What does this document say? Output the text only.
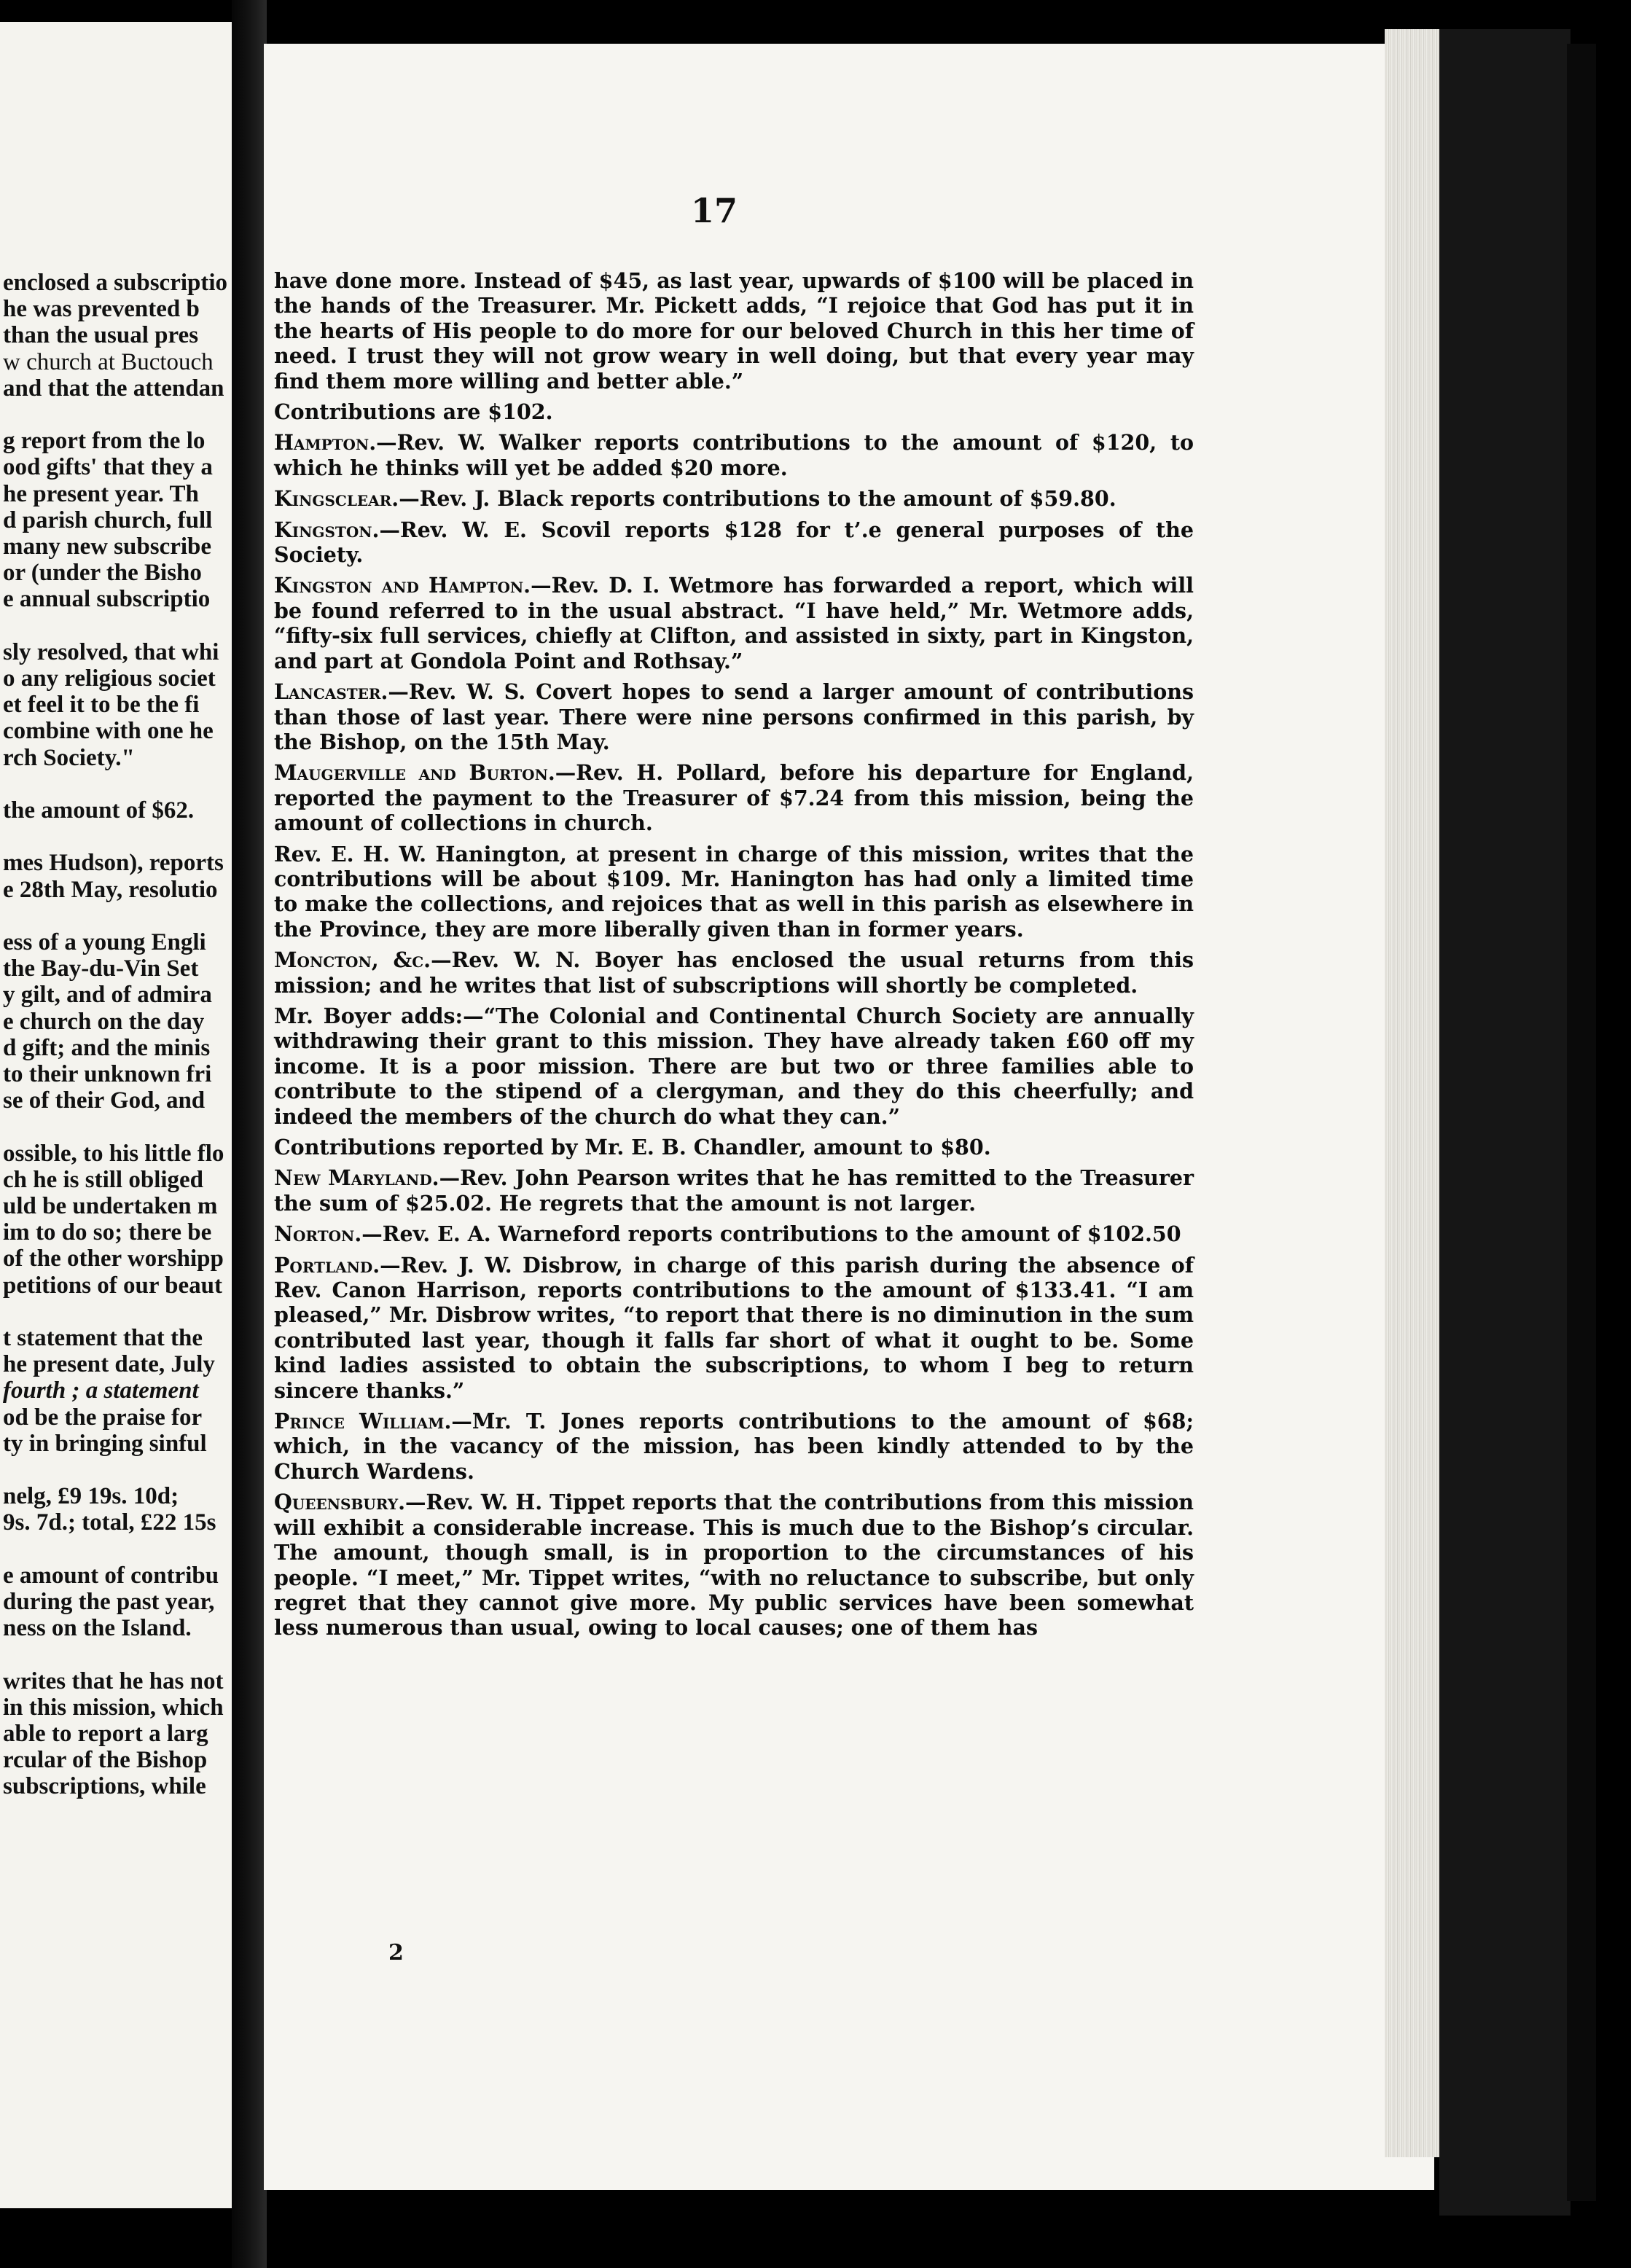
enclosed a subscriptio
he was prevented b
than the usual pres
w church at Buctouch
and that the attendan
g report from the lo
ood gifts' that they a
he present year. Th
d parish church, full
many new subscribe
or (under the Bisho
e annual subscriptio
sly resolved, that whi
o any religious societ
et feel it to be the fi
combine with one he
rch Society."
the amount of $62.
mes Hudson), reports
e 28th May, resolutio
ess of a young Engli
the Bay-du-Vin Set
y gilt, and of admira
e church on the day
d gift; and the minis
to their unknown fri
se of their God, and
ossible, to his little flo
ch he is still obliged
uld be undertaken m
im to do so; there be
of the other worshipp
petitions of our beaut
t statement that the
he present date, July
fourth ; a statement
od be the praise for
ty in bringing sinful
nelg, £9 19s. 10d;
9s. 7d.; total, £22 15s
e amount of contribu
during the past year,
ness on the Island.
writes that he has not
in this mission, which
able to report a larg
rcular of the Bishop
subscriptions, while
17

have done more. Instead of $45, as last year, upwards of $100 will be placed in the hands of the Treasurer. Mr. Pickett adds, “I rejoice that God has put it in the hearts of His people to do more for our beloved Church in this her time of need. I trust they will not grow weary in well doing, but that every year may find them more willing and better able.”

Contributions are $102.

Hampton.—Rev. W. Walker reports contributions to the amount of $120, to which he thinks will yet be added $20 more.

Kingsclear.—Rev. J. Black reports contributions to the amount of $59.80.

Kingston.—Rev. W. E. Scovil reports $128 for t’.e general purposes of the Society.

Kingston and Hampton.—Rev. D. I. Wetmore has forwarded a report, which will be found referred to in the usual abstract. “I have held,” Mr. Wetmore adds, “fifty-six full services, chiefly at Clifton, and assisted in sixty, part in Kingston, and part at Gondola Point and Rothsay.”

Lancaster.—Rev. W. S. Covert hopes to send a larger amount of contributions than those of last year. There were nine persons confirmed in this parish, by the Bishop, on the 15th May.

Maugerville and Burton.—Rev. H. Pollard, before his departure for England, reported the payment to the Treasurer of $7.24 from this mission, being the amount of collections in church.

Rev. E. H. W. Hanington, at present in charge of this mission, writes that the contributions will be about $109. Mr. Hanington has had only a limited time to make the collections, and rejoices that as well in this parish as elsewhere in the Province, they are more liberally given than in former years.

Moncton, &c.—Rev. W. N. Boyer has enclosed the usual returns from this mission; and he writes that list of subscriptions will shortly be completed.

Mr. Boyer adds:—“The Colonial and Continental Church Society are annually withdrawing their grant to this mission. They have already taken £60 off my income. It is a poor mission. There are but two or three families able to contribute to the stipend of a clergyman, and they do this cheerfully; and indeed the members of the church do what they can.”

Contributions reported by Mr. E. B. Chandler, amount to $80.

New Maryland.—Rev. John Pearson writes that he has remitted to the Treasurer the sum of $25.02. He regrets that the amount is not larger.

Norton.—Rev. E. A. Warneford reports contributions to the amount of $102.50

Portland.—Rev. J. W. Disbrow, in charge of this parish during the absence of Rev. Canon Harrison, reports contributions to the amount of $133.41. “I am pleased,” Mr. Disbrow writes, “to report that there is no diminution in the sum contributed last year, though it falls far short of what it ought to be. Some kind ladies assisted to obtain the subscriptions, to whom I beg to return sincere thanks.”

Prince William.—Mr. T. Jones reports contributions to the amount of $68; which, in the vacancy of the mission, has been kindly attended to by the Church Wardens.

Queensbury.—Rev. W. H. Tippet reports that the contributions from this mission will exhibit a considerable increase. This is much due to the Bishop’s circular. The amount, though small, is in proportion to the circumstances of his people. “I meet,” Mr. Tippet writes, “with no reluctance to subscribe, but only regret that they cannot give more. My public services have been somewhat less numerous than usual, owing to local causes; one of them has

2
